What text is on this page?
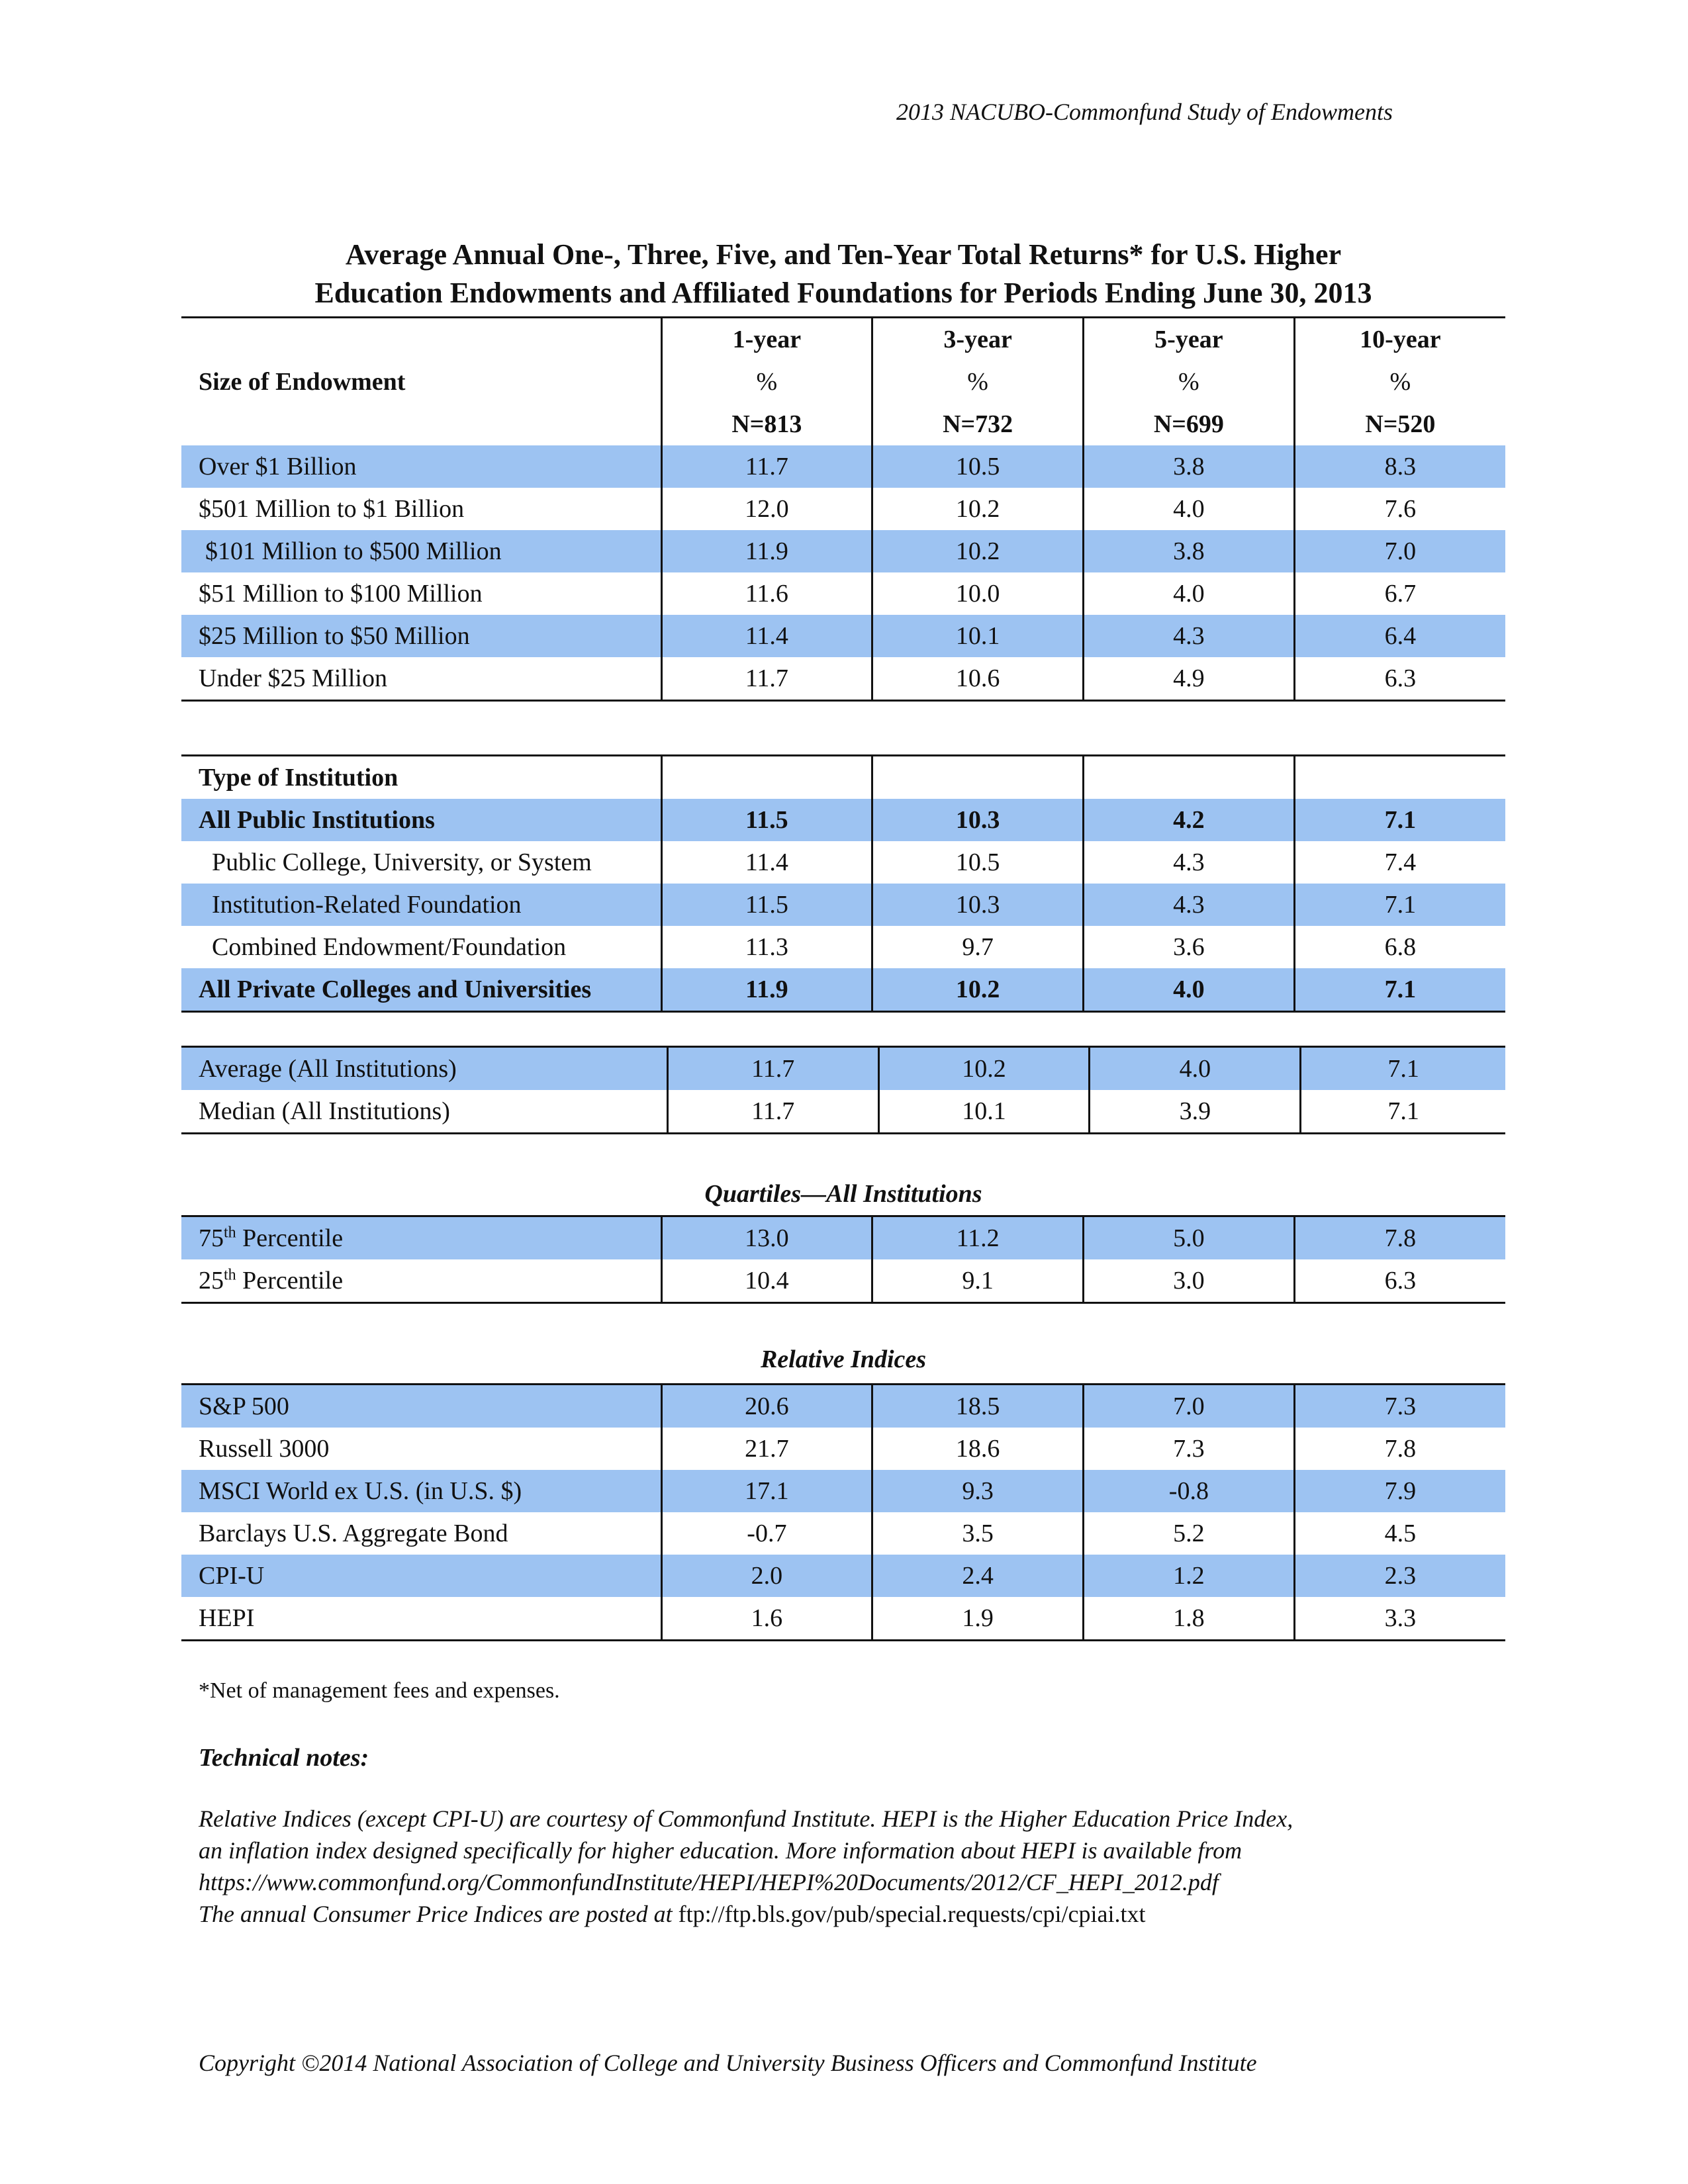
2013 NACUBO-Commonfund Study of Endowments
Average Annual One-, Three, Five, and Ten-Year Total Returns* for U.S. Higher
Education Endowments and Affiliated Foundations for Periods Ending June 30, 2013
	1-year	3-year	5-year	10-year
Size of Endowment	%	%	%	%
	N=813	N=732	N=699	N=520
Over $1 Billion	11.7	10.5	3.8	8.3
$501 Million to $1 Billion	12.0	10.2	4.0	7.6
$101 Million to $500 Million	11.9	10.2	3.8	7.0
$51 Million to $100 Million	11.6	10.0	4.0	6.7
$25 Million to $50 Million	11.4	10.1	4.3	6.4
Under $25 Million	11.7	10.6	4.9	6.3
Type of Institution				
All Public Institutions	11.5	10.3	4.2	7.1
Public College, University, or System	11.4	10.5	4.3	7.4
Institution-Related Foundation	11.5	10.3	4.3	7.1
Combined Endowment/Foundation	11.3	9.7	3.6	6.8
All Private Colleges and Universities	11.9	10.2	4.0	7.1
Average (All Institutions)	11.7	10.2	4.0	7.1
Median (All Institutions)	11.7	10.1	3.9	7.1
Quartiles—All Institutions
75th Percentile	13.0	11.2	5.0	7.8
25th Percentile	10.4	9.1	3.0	6.3
Relative Indices
S&P 500	20.6	18.5	7.0	7.3
Russell 3000	21.7	18.6	7.3	7.8
MSCI World ex U.S. (in U.S. $)	17.1	9.3	-0.8	7.9
Barclays U.S. Aggregate Bond	-0.7	3.5	5.2	4.5
CPI-U	2.0	2.4	1.2	2.3
HEPI	1.6	1.9	1.8	3.3
*Net of management fees and expenses.
Technical notes:
Relative Indices (except CPI-U) are courtesy of Commonfund Institute. HEPI is the Higher Education Price Index,
an inflation index designed specifically for higher education. More information about HEPI is available from
https://www.commonfund.org/CommonfundInstitute/HEPI/HEPI%20Documents/2012/CF_HEPI_2012.pdf
The annual Consumer Price Indices are posted at ftp://ftp.bls.gov/pub/special.requests/cpi/cpiai.txt
Copyright ©2014 National Association of College and University Business Officers and Commonfund Institute
